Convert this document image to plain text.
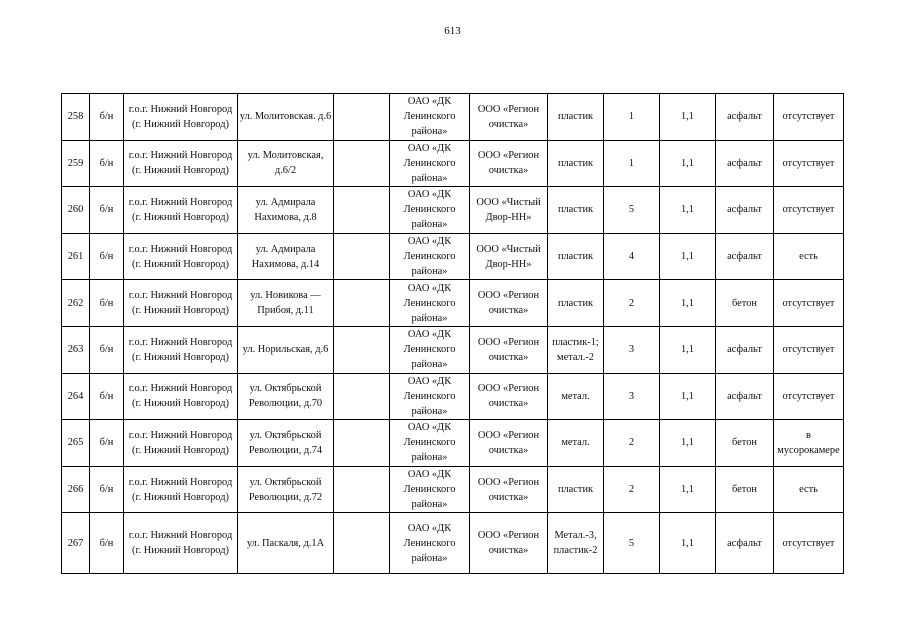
613
258	б/н	г.о.г. Нижний Новгород (г. Нижний Новгород)	ул. Молитовская. д.6		ОАО «ДК Ленинского района»	ООО «Регион очистка»	пластик	1	1,1	асфальт	отсутствует
259	б/н	г.о.г. Нижний Новгород (г. Нижний Новгород)	ул. Молитовская, д.6/2		ОАО «ДК Ленинского района»	ООО «Регион очистка»	пластик	1	1,1	асфальт	отсутствует
260	б/н	г.о.г. Нижний Новгород (г. Нижний Новгород)	ул. Адмирала Нахимова, д.8		ОАО «ДК Ленинского района»	ООО «Чистый Двор-НН»	пластик	5	1,1	асфальт	отсутствует
261	б/н	г.о.г. Нижний Новгород (г. Нижний Новгород)	ул. Адмирала Нахимова, д.14		ОАО «ДК Ленинского района»	ООО «Чистый Двор-НН»	пластик	4	1,1	асфальт	есть
262	б/н	г.о.г. Нижний Новгород (г. Нижний Новгород)	ул. Новикова — Прибоя, д.11		ОАО «ДК Ленинского района»	ООО «Регион очистка»	пластик	2	1,1	бетон	отсутствует
263	б/н	г.о.г. Нижний Новгород (г. Нижний Новгород)	ул. Норильская, д.6		ОАО «ДК Ленинского района»	ООО «Регион очистка»	пластик-1; метал.-2	3	1,1	асфальт	отсутствует
264	б/н	г.о.г. Нижний Новгород (г. Нижний Новгород)	ул. Октябрьской Революции, д.70		ОАО «ДК Ленинского района»	ООО «Регион очистка»	метал.	3	1,1	асфальт	отсутствует
265	б/н	г.о.г. Нижний Новгород (г. Нижний Новгород)	ул. Октябрьской Революции, д.74		ОАО «ДК Ленинского района»	ООО «Регион очистка»	метал.	2	1,1	бетон	в мусорокамере
266	б/н	г.о.г. Нижний Новгород (г. Нижний Новгород)	ул. Октябрьской Революции, д.72		ОАО «ДК Ленинского района»	ООО «Регион очистка»	пластик	2	1,1	бетон	есть
267	б/н	г.о.г. Нижний Новгород (г. Нижний Новгород)	ул. Паскаля, д.1А		ОАО «ДК Ленинского района»	ООО «Регион очистка»	Метал.-3, пластик-2	5	1,1	асфальт	отсутствует
